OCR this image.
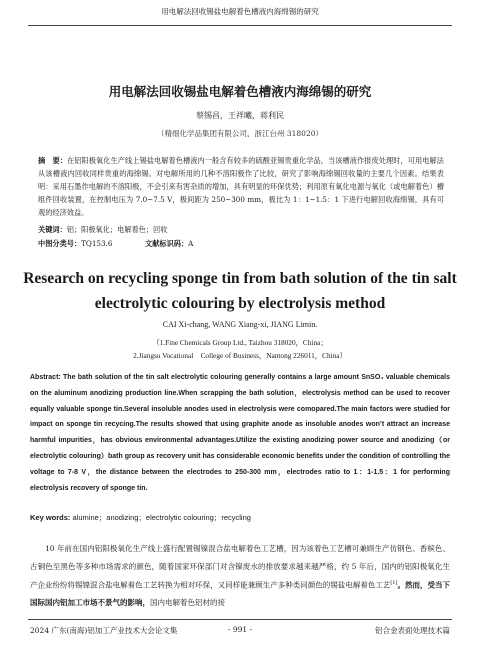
用电解法回收锡盐电解着色槽液内海绵锡的研究
用电解法回收锡盐电解着色槽液内海绵锡的研究
蔡锡昌，王祥曦，蒋利民
（精细化学品集团有限公司，浙江台州 318020）
摘　要：在铝阳极氧化生产线上锡盐电解着色槽液内一般含有较多的硫酸亚锡贵重化学品，当该槽液作报废处理时，可用电解法从该槽液内回收同样贵重的海绵锡。对电解所用的几种不溶阳极作了比较，研究了影响海绵锡回收量的主要几个因素。结果表明：采用石墨作电解的不溶阳极，不会引来有害杂质的增加，具有明显的环保优势；利用原有氧化电源与氧化（或电解着色）槽组件回收装置，在控制电压为 7.0~7.5 V，极间距为 250~300 mm，极比为 1：1~1.5：1 下进行电解回收海绵锡，具有可观的经济效益。
关键词：铝；阳极氧化；电解着色；回收
中图分类号：TQ153.6	文献标识码：A
Research on recycling sponge tin from bath solution of the tin salt electrolytic colouring by electrolysis method
CAI Xi-chang, WANG Xiang-xi, JIANG Limin.
（1.Fine Chemicals Group Ltd., Taizhou 318020，China；
2.Jiangsu Vocational　College of Business，Nantong 226011，China）
Abstract: The bath solution of the tin salt electrolytic colouring generally contains a large amount SnSO₄ valuable chemicals on the aluminum anodizing production line.When scrapping the bath solution，electrolysis method can be used to recover equally valuable sponge tin.Several insoluble anodes used in electrolysis were comopared.The main factors were studied for impact on sponge tin recycing.The results showed that using graphite anode as insoluble anodes won’t attract an increase harmful impurities，has obvious environmental advantages.Utilize the existing anodizing power source and anodizing（or electrolytic colouring）bath group as recovery unit has considerable economic benefits under the condition of controlling the voltage to 7-8 V，the distance between the electrodes to 250-300 mm，electrodes ratio to 1：1-1.5：1 for performing electrolysis recovery of sponge tin.
Key words: alumine；anodizing；electrolytic colouring；recycling
10 年前在国内铝阳极氧化生产线上盛行配置锡镍混合盐电解着色工艺槽，因为该着色工艺槽可兼顾生产仿钢色、香槟色、古铜色至黑色等多种市场需求的颜色，随着国家环保部门对含镍废水的排放要求越来越严格，约 5 年后，国内的铝阳极氧化生产企业纷纷将锡镍混合盐电解着色工艺转换为相对环保，又同样能兼顾生产多种类同颜色的锡盐电解着色工艺[1]。然而，受当下国际国内铝加工市场不景气的影响，国内电解着色铝材的接
2024 广东(南海)铝加工产业技术大会论文集	- 991 -	铝合金表面处理技术篇
